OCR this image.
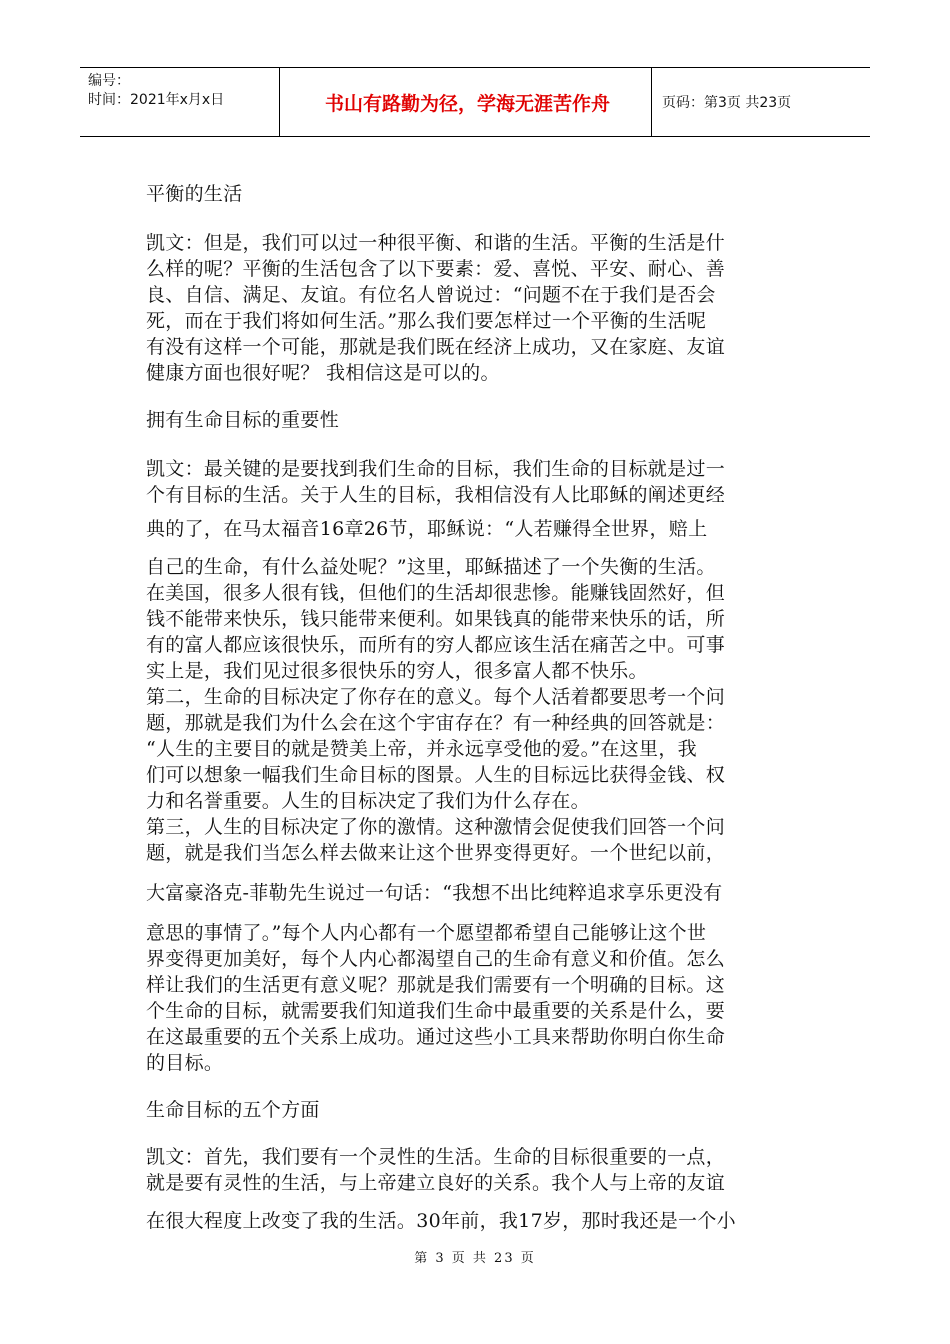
编号：
时间：2021年x月x日	书山有路勤为径，学海无涯苦作舟	页码：第3页 共23页

平衡的生活

凯文：但是，我们可以过一种很平衡、和谐的生活。平衡的生活是什

么样的呢？平衡的生活包含了以下要素：爱、喜悦、平安、耐心、善

良、自信、满足、友谊。有位名人曾说过：“问题不在于我们是否会

死，而在于我们将如何生活。”那么我们要怎样过一个平衡的生活呢

有没有这样一个可能，那就是我们既在经济上成功，又在家庭、友谊

健康方面也很好呢？ 我相信这是可以的。

拥有生命目标的重要性

凯文：最关键的是要找到我们生命的目标，我们生命的目标就是过一

个有目标的生活。关于人生的目标，我相信没有人比耶稣的阐述更经

典的了，在马太福音16章26节，耶稣说：“人若赚得全世界，赔上

自己的生命，有什么益处呢？”这里，耶稣描述了一个失衡的生活。

在美国，很多人很有钱，但他们的生活却很悲惨。能赚钱固然好，但

钱不能带来快乐，钱只能带来便利。如果钱真的能带来快乐的话，所

有的富人都应该很快乐，而所有的穷人都应该生活在痛苦之中。可事

实上是，我们见过很多很快乐的穷人，很多富人都不快乐。

第二，生命的目标决定了你存在的意义。每个人活着都要思考一个问

题，那就是我们为什么会在这个宇宙存在？有一种经典的回答就是：

“人生的主要目的就是赞美上帝，并永远享受他的爱。”在这里，我

们可以想象一幅我们生命目标的图景。人生的目标远比获得金钱、权

力和名誉重要。人生的目标决定了我们为什么存在。

第三，人生的目标决定了你的激情。这种激情会促使我们回答一个问

题，就是我们当怎么样去做来让这个世界变得更好。一个世纪以前，

大富豪洛克-菲勒先生说过一句话：“我想不出比纯粹追求享乐更没有

意思的事情了。”每个人内心都有一个愿望都希望自己能够让这个世

界变得更加美好，每个人内心都渴望自己的生命有意义和价值。怎么

样让我们的生活更有意义呢？那就是我们需要有一个明确的目标。这

个生命的目标，就需要我们知道我们生命中最重要的关系是什么，要

在这最重要的五个关系上成功。通过这些小工具来帮助你明白你生命

的目标。

生命目标的五个方面

凯文：首先，我们要有一个灵性的生活。生命的目标很重要的一点，

就是要有灵性的生活，与上帝建立良好的关系。我个人与上帝的友谊

在很大程度上改变了我的生活。30年前，我17岁，那时我还是一个小

第 3 页 共 23 页
